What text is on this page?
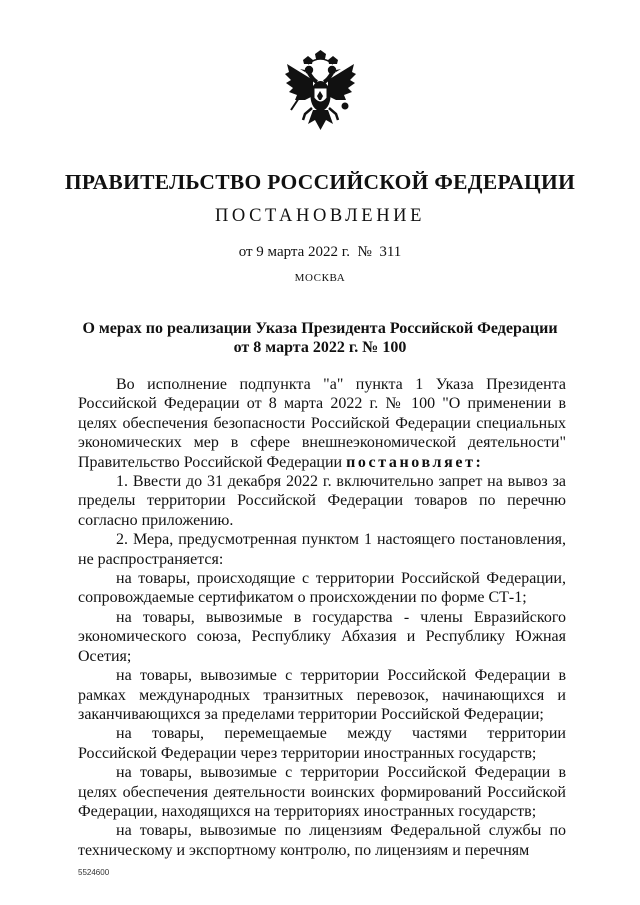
ПРАВИТЕЛЬСТВО РОССИЙСКОЙ ФЕДЕРАЦИИ
ПОСТАНОВЛЕНИЕ
от 9 марта 2022 г. № 311
МОСКВА
О мерах по реализации Указа Президента Российской Федерации
от 8 марта 2022 г. № 100

Во исполнение подпункта "а" пункта 1 Указа Президента Российской Федерации от 8 марта 2022 г. № 100 "О применении в целях обеспечения безопасности Российской Федерации специальных экономических мер в сфере внешнеэкономической деятельности" Правительство Российской Федерации постановляет:

1. Ввести до 31 декабря 2022 г. включительно запрет на вывоз за пределы территории Российской Федерации товаров по перечню согласно приложению.

2. Мера, предусмотренная пунктом 1 настоящего постановления, не распространяется:

на товары, происходящие с территории Российской Федерации, сопровождаемые сертификатом о происхождении по форме СТ-1;

на товары, вывозимые в государства - члены Евразийского экономического союза, Республику Абхазия и Республику Южная Осетия;

на товары, вывозимые с территории Российской Федерации в рамках международных транзитных перевозок, начинающихся и заканчивающихся за пределами территории Российской Федерации;

на товары, перемещаемые между частями территории Российской Федерации через территории иностранных государств;

на товары, вывозимые с территории Российской Федерации в целях обеспечения деятельности воинских формирований Российской Федерации, находящихся на территориях иностранных государств;

на товары, вывозимые по лицензиям Федеральной службы по техническому и экспортному контролю, по лицензиям и перечням

5524600
